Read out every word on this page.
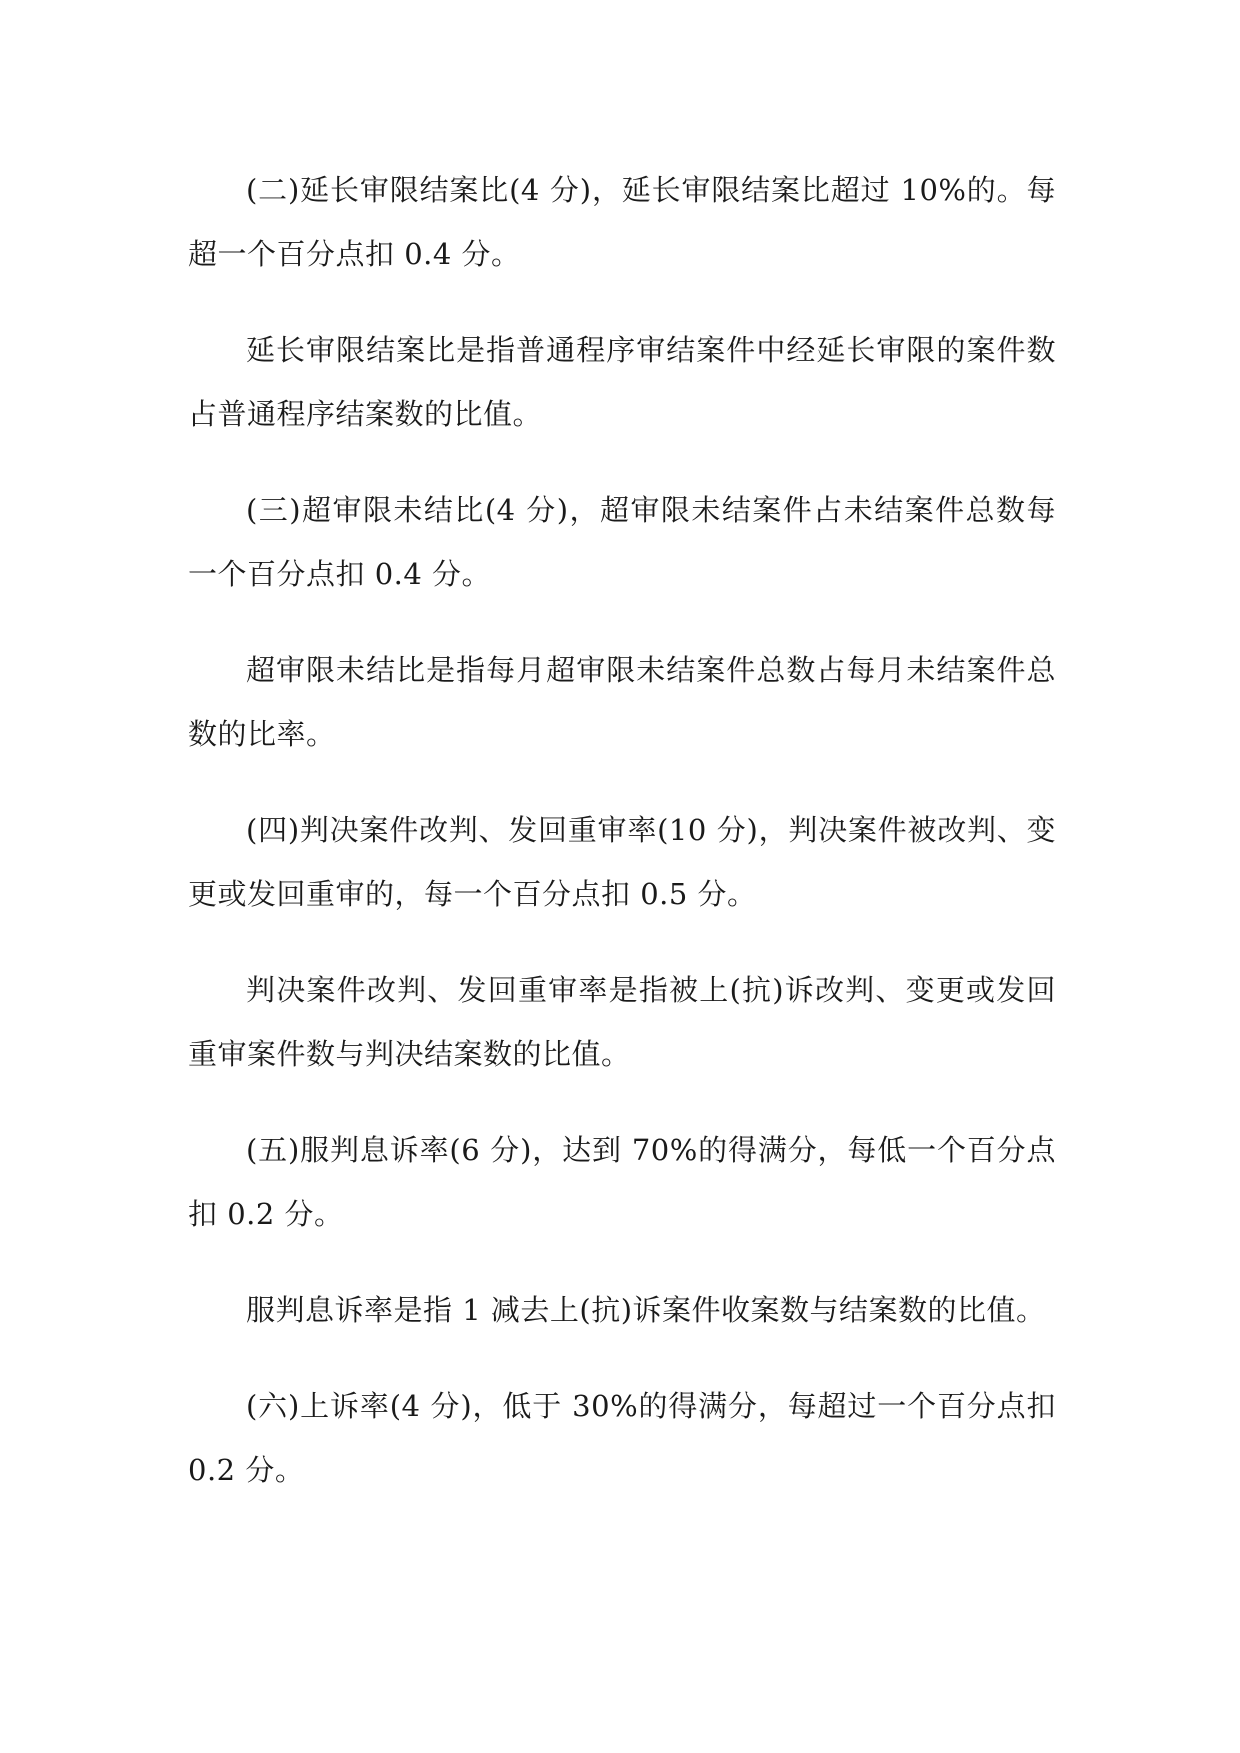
(二)延长审限结案比(4 分)，延长审限结案比超过 10%的。每超一个百分点扣 0.4 分。

延长审限结案比是指普通程序审结案件中经延长审限的案件数占普通程序结案数的比值。

(三)超审限未结比(4 分)，超审限未结案件占未结案件总数每一个百分点扣 0.4 分。

超审限未结比是指每月超审限未结案件总数占每月未结案件总数的比率。

(四)判决案件改判、发回重审率(10 分)，判决案件被改判、变更或发回重审的，每一个百分点扣 0.5 分。

判决案件改判、发回重审率是指被上(抗)诉改判、变更或发回重审案件数与判决结案数的比值。

(五)服判息诉率(6 分)，达到 70%的得满分，每低一个百分点扣 0.2 分。

服判息诉率是指 1 减去上(抗)诉案件收案数与结案数的比值。

(六)上诉率(4 分)，低于 30%的得满分，每超过一个百分点扣 0.2 分。
